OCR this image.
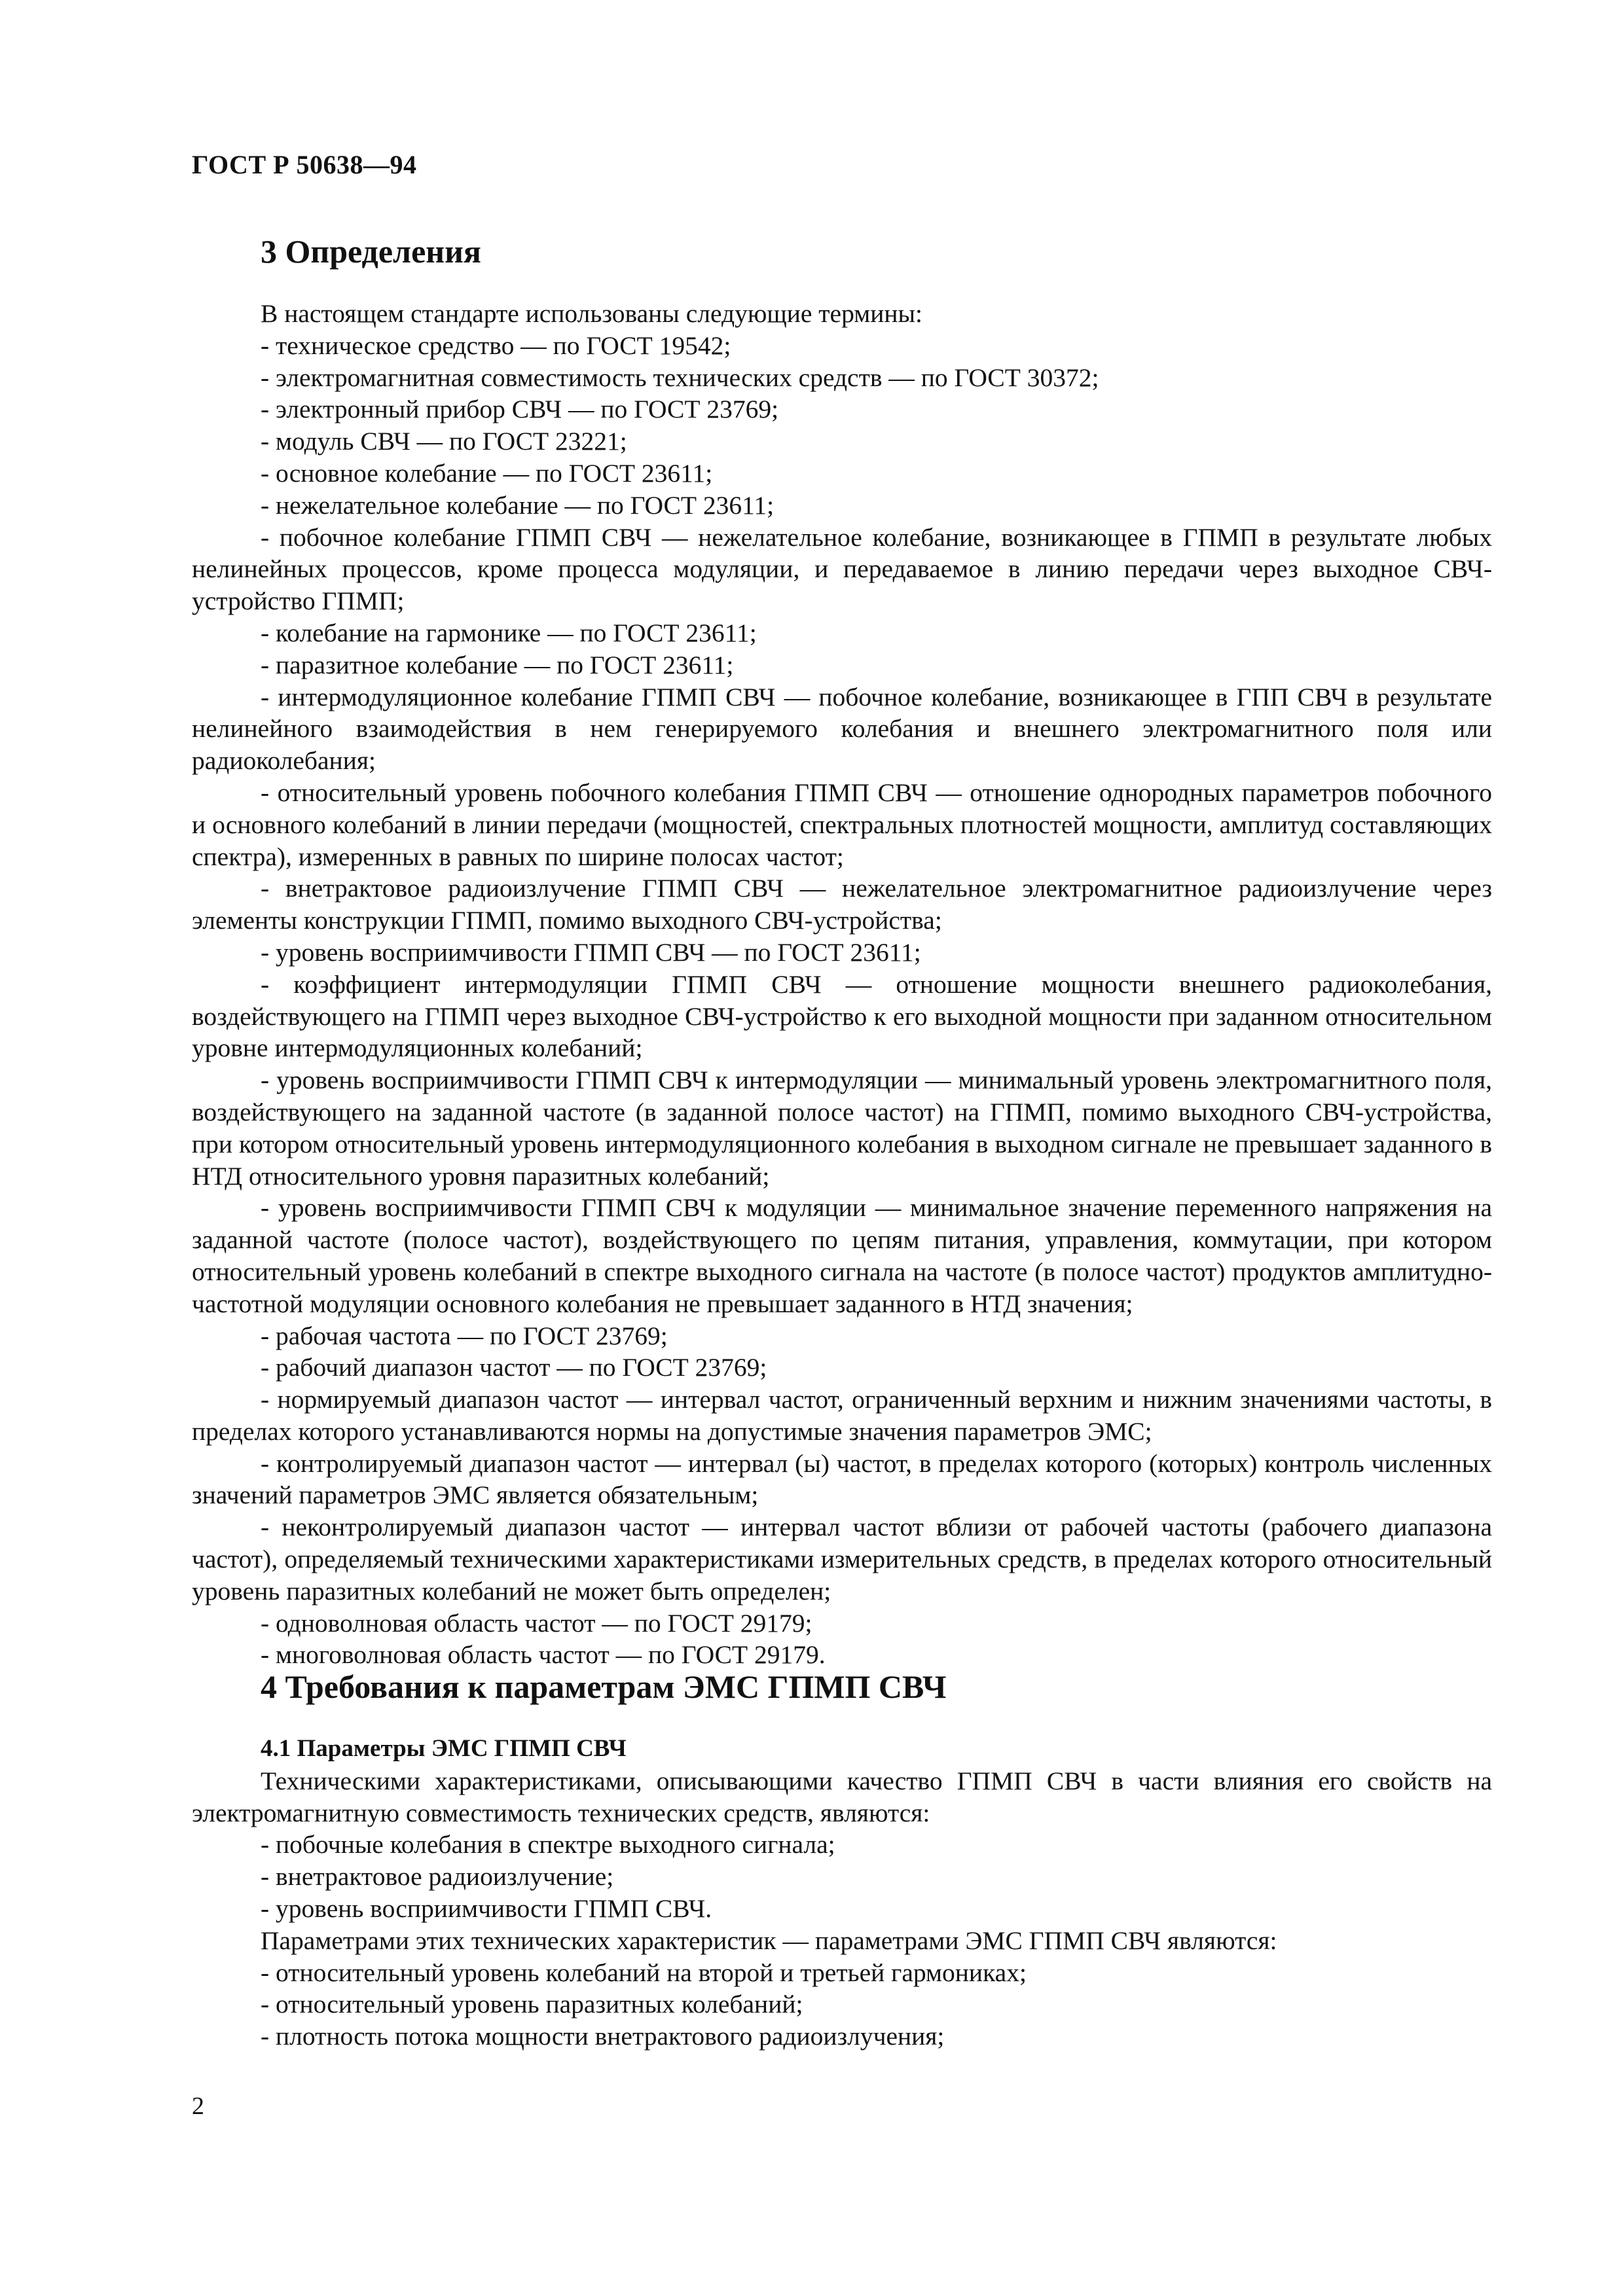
ГОСТ Р 50638—94
3 Определения

В настоящем стандарте использованы следующие термины:

- техническое средство — по ГОСТ 19542;

- электромагнитная совместимость технических средств — по ГОСТ 30372;

- электронный прибор СВЧ — по ГОСТ 23769;

- модуль СВЧ — по ГОСТ 23221;

- основное колебание — по ГОСТ 23611;

- нежелательное колебание — по ГОСТ 23611;

- побочное колебание ГПМП СВЧ — нежелательное колебание, возникающее в ГПМП в результате любых нелинейных процессов, кроме процесса модуляции, и передаваемое в линию передачи через выходное СВЧ-устройство ГПМП;

- колебание на гармонике — по ГОСТ 23611;

- паразитное колебание — по ГОСТ 23611;

- интермодуляционное колебание ГПМП СВЧ — побочное колебание, возникающее в ГПП СВЧ в результате нелинейного взаимодействия в нем генерируемого колебания и внешнего электромагнитного поля или радиоколебания;

- относительный уровень побочного колебания ГПМП СВЧ — отношение однородных параметров побочного и основного колебаний в линии передачи (мощностей, спектральных плотностей мощности, амплитуд составляющих спектра), измеренных в равных по ширине полосах частот;

- внетрактовое радиоизлучение ГПМП СВЧ — нежелательное электромагнитное радиоизлучение через элементы конструкции ГПМП, помимо выходного СВЧ-устройства;

- уровень восприимчивости ГПМП СВЧ — по ГОСТ 23611;

- коэффициент интермодуляции ГПМП СВЧ — отношение мощности внешнего радиоколебания, воздействующего на ГПМП через выходное СВЧ-устройство к его выходной мощности при заданном относительном уровне интермодуляционных колебаний;

- уровень восприимчивости ГПМП СВЧ к интермодуляции — минимальный уровень электромагнитного поля, воздействующего на заданной частоте (в заданной полосе частот) на ГПМП, помимо выходного СВЧ-устройства, при котором относительный уровень интермодуляционного колебания в выходном сигнале не превышает заданного в НТД относительного уровня паразитных колебаний;

- уровень восприимчивости ГПМП СВЧ к модуляции — минимальное значение переменного напряжения на заданной частоте (полосе частот), воздействующего по цепям питания, управления, коммутации, при котором относительный уровень колебаний в спектре выходного сигнала на частоте (в полосе частот) продуктов амплитудно-частотной модуляции основного колебания не превышает заданного в НТД значения;

- рабочая частота — по ГОСТ 23769;

- рабочий диапазон частот — по ГОСТ 23769;

- нормируемый диапазон частот — интервал частот, ограниченный верхним и нижним значениями частоты, в пределах которого устанавливаются нормы на допустимые значения параметров ЭМС;

- контролируемый диапазон частот — интервал (ы) частот, в пределах которого (которых) контроль численных значений параметров ЭМС является обязательным;

- неконтролируемый диапазон частот — интервал частот вблизи от рабочей частоты (рабочего диапазона частот), определяемый техническими характеристиками измерительных средств, в пределах которого относительный уровень паразитных колебаний не может быть определен;

- одноволновая область частот — по ГОСТ 29179;

- многоволновая область частот — по ГОСТ 29179.

4 Требования к параметрам ЭМС ГПМП СВЧ

4.1 Параметры ЭМС ГПМП СВЧ

Техническими характеристиками, описывающими качество ГПМП СВЧ в части влияния его свойств на электромагнитную совместимость технических средств, являются:

- побочные колебания в спектре выходного сигнала;

- внетрактовое радиоизлучение;

- уровень восприимчивости ГПМП СВЧ.

Параметрами этих технических характеристик — параметрами ЭМС ГПМП СВЧ являются:

- относительный уровень колебаний на второй и третьей гармониках;

- относительный уровень паразитных колебаний;

- плотность потока мощности внетрактового радиоизлучения;

2
